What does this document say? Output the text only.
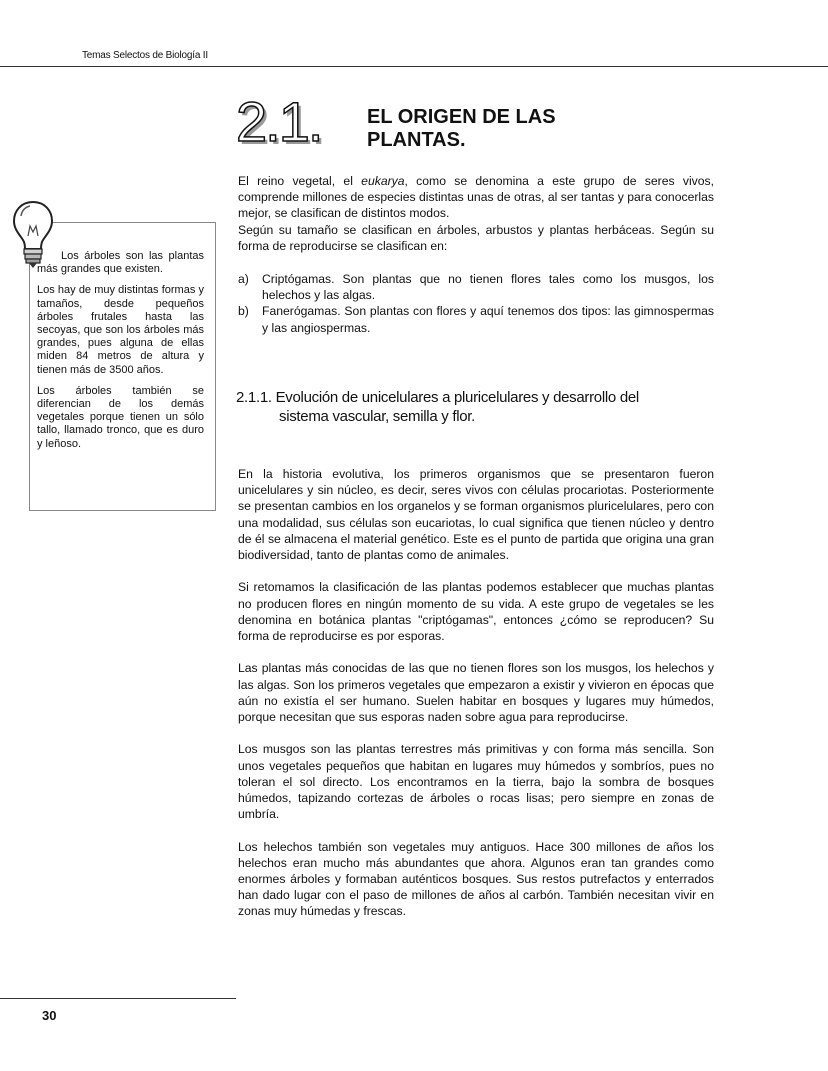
Temas Selectos de Biología II
2.1. EL ORIGEN DE LAS
PLANTAS.

El reino vegetal, el eukarya, como se denomina a este grupo de seres vivos, comprende millones de especies distintas unas de otras, al ser tantas y para conocerlas mejor, se clasifican de distintos modos.

Según su tamaño se clasifican en árboles, arbustos y plantas herbáceas. Según su forma de reproducirse se clasifican en:

a)	Criptógamas. Son plantas que no tienen flores tales como los musgos, los helechos y las algas.
b)	Fanerógamas. Son plantas con flores y aquí tenemos dos tipos: las gimnospermas y las angiospermas.
2.1.1. Evolución de unicelulares a pluricelulares y desarrollo del
sistema vascular, semilla y flor.

En la historia evolutiva, los primeros organismos que se presentaron fueron unicelulares y sin núcleo, es decir, seres vivos con células procariotas. Posteriormente se presentan cambios en los organelos y se forman organismos pluricelulares, pero con una modalidad, sus células son eucariotas, lo cual significa que tienen núcleo y dentro de él se almacena el material genético. Este es el punto de partida que origina una gran biodiversidad, tanto de plantas como de animales.

Si retomamos la clasificación de las plantas podemos establecer que muchas plantas no producen flores en ningún momento de su vida. A este grupo de vegetales se les denomina en botánica plantas "criptógamas", entonces ¿cómo se reproducen? Su forma de reproducirse es por esporas.

Las plantas más conocidas de las que no tienen flores son los musgos, los helechos y las algas. Son los primeros vegetales que empezaron a existir y vivieron en épocas que aún no existía el ser humano. Suelen habitar en bosques y lugares muy húmedos, porque necesitan que sus esporas naden sobre agua para reproducirse.

Los musgos son las plantas terrestres más primitivas y con forma más sencilla. Son unos vegetales pequeños que habitan en lugares muy húmedos y sombríos, pues no toleran el sol directo. Los encontramos en la tierra, bajo la sombra de bosques húmedos, tapizando cortezas de árboles o rocas lisas; pero siempre en zonas de umbría.

Los helechos también son vegetales muy antiguos. Hace 300 millones de años los helechos eran mucho más abundantes que ahora. Algunos eran tan grandes como enormes árboles y formaban auténticos bosques. Sus restos putrefactos y enterrados han dado lugar con el paso de millones de años al carbón. También necesitan vivir en zonas muy húmedas y frescas.

Los árboles son las plantas más grandes que existen.

Los hay de muy distintas formas y tamaños, desde pequeños árboles frutales hasta las secoyas, que son los árboles más grandes, pues alguna de ellas miden 84 metros de altura y tienen más de 3500 años.

Los árboles también se diferencian de los demás vegetales porque tienen un sólo tallo, llamado tronco, que es duro y leñoso.

30
